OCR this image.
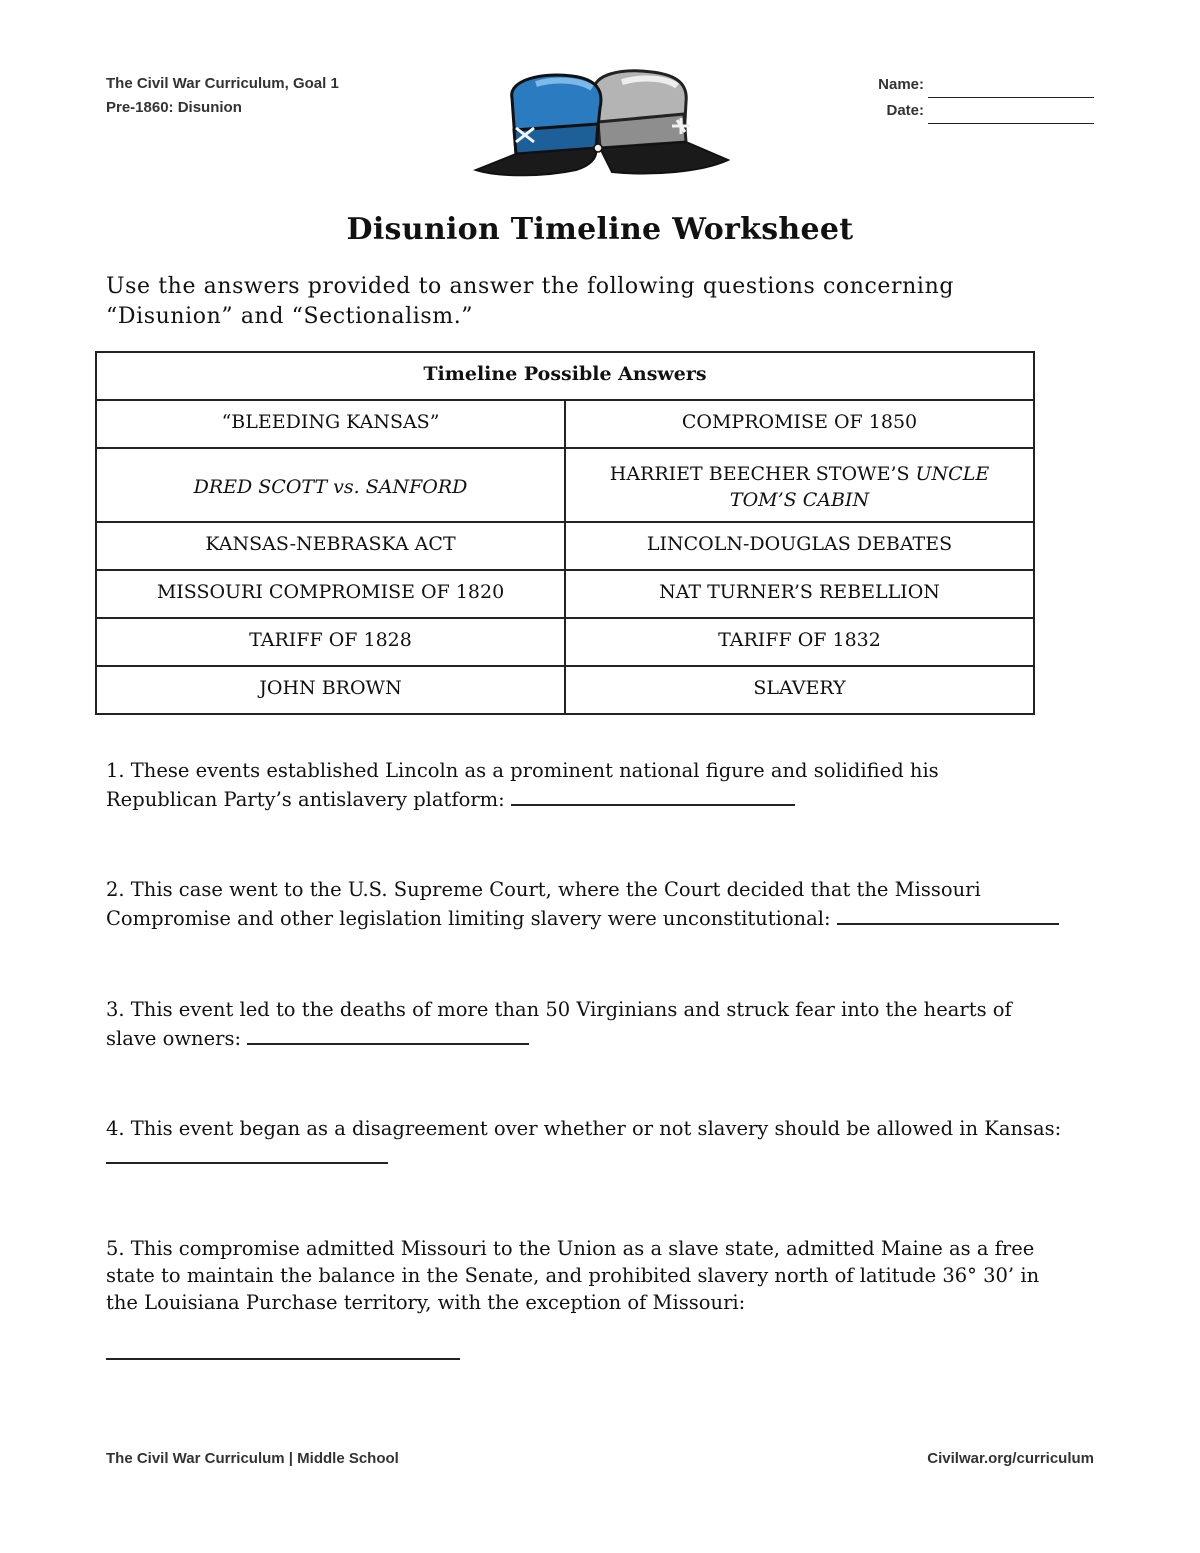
The Civil War Curriculum, Goal 1
Pre-1860: Disunion
Name:
Date:
Disunion Timeline Worksheet
Use the answers provided to answer the following questions concerning
“Disunion” and “Sectionalism.”
Timeline Possible Answers	
“BLEEDING KANSAS”	COMPROMISE OF 1850
DRED SCOTT vs. SANFORD	HARRIET BEECHER STOWE’S UNCLE
TOM’S CABIN
KANSAS-NEBRASKA ACT	LINCOLN-DOUGLAS DEBATES
MISSOURI COMPROMISE OF 1820	NAT TURNER’S REBELLION
TARIFF OF 1828	TARIFF OF 1832
JOHN BROWN	SLAVERY
1. These events established Lincoln as a prominent national figure and solidified his
Republican Party’s antislavery platform:
2. This case went to the U.S. Supreme Court, where the Court decided that the Missouri
Compromise and other legislation limiting slavery were unconstitutional:
3. This event led to the deaths of more than 50 Virginians and struck fear into the hearts of
slave owners:
4. This event began as a disagreement over whether or not slavery should be allowed in Kansas:
5. This compromise admitted Missouri to the Union as a slave state, admitted Maine as a free
state to maintain the balance in the Senate, and prohibited slavery north of latitude 36° 30’ in
the Louisiana Purchase territory, with the exception of Missouri:
The Civil War Curriculum | Middle School	Civilwar.org/curriculum
